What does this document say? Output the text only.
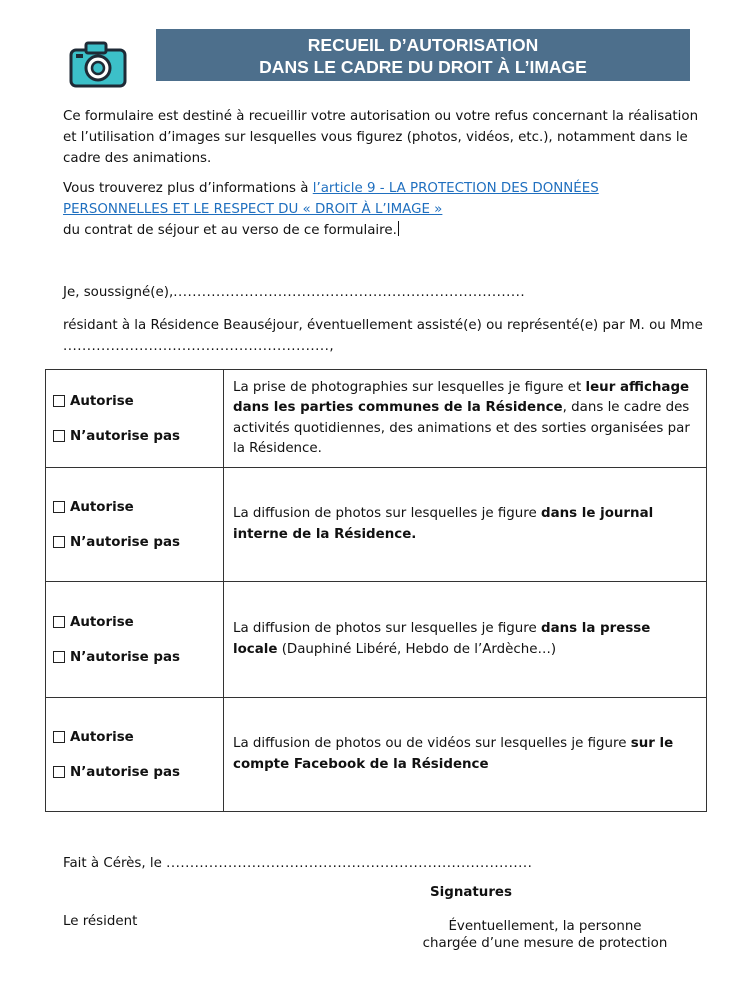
RECUEIL D’AUTORISATION
DANS LE CADRE DU DROIT À L’IMAGE

Ce formulaire est destiné à recueillir votre autorisation ou votre refus concernant la réalisation et l’utilisation d’images sur lesquelles vous figurez (photos, vidéos, etc.), notamment dans le cadre des animations.

Vous trouverez plus d’informations à l’article 9 - LA PROTECTION DES DONNÉES PERSONNELLES ET LE RESPECT DU « DROIT À L’IMAGE »
du contrat de séjour et au verso de ce formulaire.

Je, soussigné(e),..........................................................................
résidant à la Résidence Beauséjour, éventuellement assisté(e) ou représenté(e) par M. ou Mme ........................................................,
Autorise
N’autorise pas	La prise de photographies sur lesquelles je figure et leur affichage dans les parties communes de la Résidence, dans le cadre des activités quotidiennes, des animations et des sorties organisées par la Résidence.

Autorise
N’autorise pas	La diffusion de photos sur lesquelles je figure dans le journal interne de la Résidence.

Autorise
N’autorise pas	La diffusion de photos sur lesquelles je figure dans la presse locale (Dauphiné Libéré, Hebdo de l’Ardèche…)

Autorise
N’autorise pas	La diffusion de photos ou de vidéos sur lesquelles je figure sur le compte Facebook de la Résidence
Fait à Cérès, le .............................................................................
Signatures
Le résident	Éventuellement, la personne
chargée d’une mesure de protection
